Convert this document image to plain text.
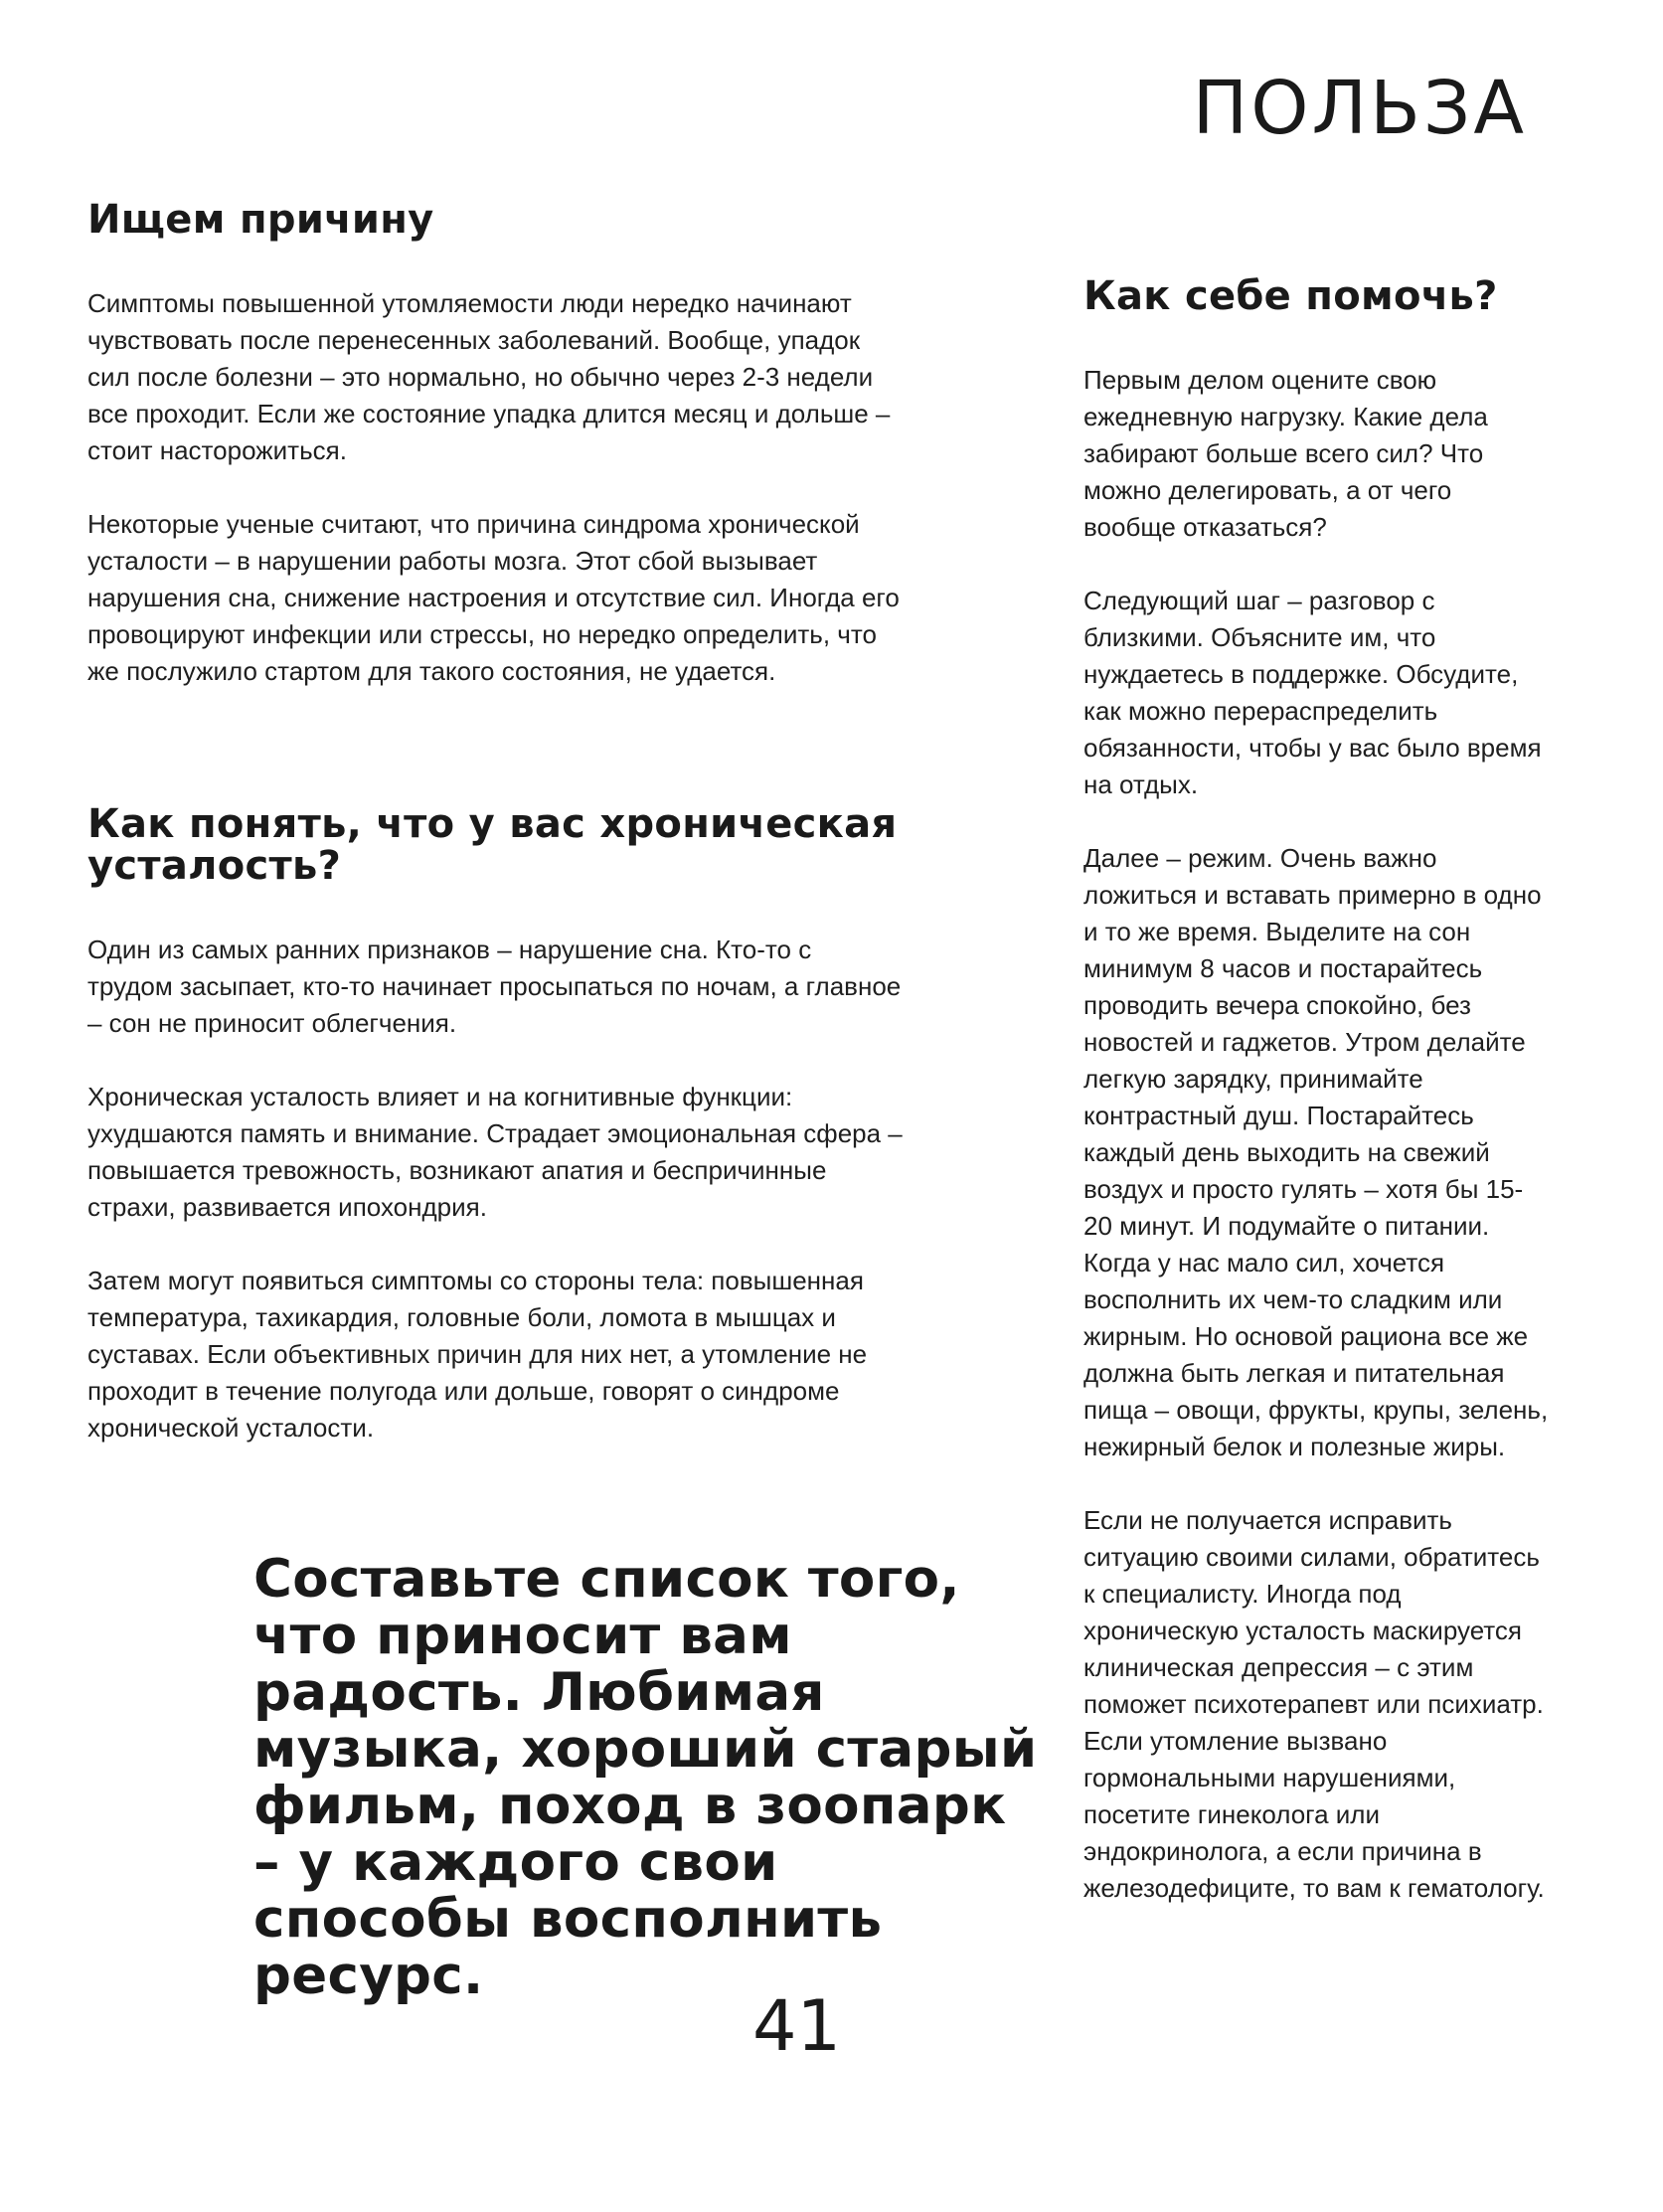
ПОЛЬЗА
Ищем причину

Симптомы повышенной утомляемости люди нередко начинают чувствовать после перенесенных заболеваний. Вообще, упадок сил после болезни – это нормально, но обычно через 2-3 недели все проходит. Если же состояние упадка длится месяц и дольше – стоит насторожиться.

Некоторые ученые считают, что причина синдрома хронической усталости – в нарушении работы мозга. Этот сбой вызывает нарушения сна, снижение настроения и отсутствие сил. Иногда его провоцируют инфекции или стрессы, но нередко определить, что же послужило стартом для такого состояния, не удается.

Как понять, что у вас хроническая усталость?

Один из самых ранних признаков – нарушение сна. Кто-то с трудом засыпает, кто-то начинает просыпаться по ночам, а главное – сон не приносит облегчения.

Хроническая усталость влияет и на когнитивные функции: ухудшаются память и внимание. Страдает эмоциональная сфера – повышается тревожность, возникают апатия и беспричинные страхи, развивается ипохондрия.

Затем могут появиться симптомы со стороны тела: повышенная температура, тахикардия, головные боли, ломота в мышцах и суставах. Если объективных причин для них нет, а утомление не проходит в течение полугода или дольше, говорят о синдроме хронической усталости.

Составьте список того, что приносит вам радость. Любимая музыка, хороший старый фильм, поход в зоопарк – у каждого свои способы восполнить ресурс.

Как себе помочь?

Первым делом оцените свою ежедневную нагрузку. Какие дела забирают больше всего сил? Что можно делегировать, а от чего вообще отказаться?

Следующий шаг – разговор с близкими. Объясните им, что нуждаетесь в поддержке. Обсудите, как можно перераспределить обязанности, чтобы у вас было время на отдых.

Далее – режим. Очень важно ложиться и вставать примерно в одно и то же время. Выделите на сон минимум 8 часов и постарайтесь проводить вечера спокойно, без новостей и гаджетов. Утром делайте легкую зарядку, принимайте контрастный душ. Постарайтесь каждый день выходить на свежий воздух и просто гулять – хотя бы 15-20 минут. И подумайте о питании. Когда у нас мало сил, хочется восполнить их чем-то сладким или жирным. Но основой рациона все же должна быть легкая и питательная пища – овощи, фрукты, крупы, зелень, нежирный белок и полезные жиры.

Если не получается исправить ситуацию своими силами, обратитесь к специалисту. Иногда под хроническую усталость маскируется клиническая депрессия – с этим поможет психотерапевт или психиатр. Если утомление вызвано гормональными нарушениями, посетите гинеколога или эндокринолога, а если причина в железодефиците, то вам к гематологу.

41
